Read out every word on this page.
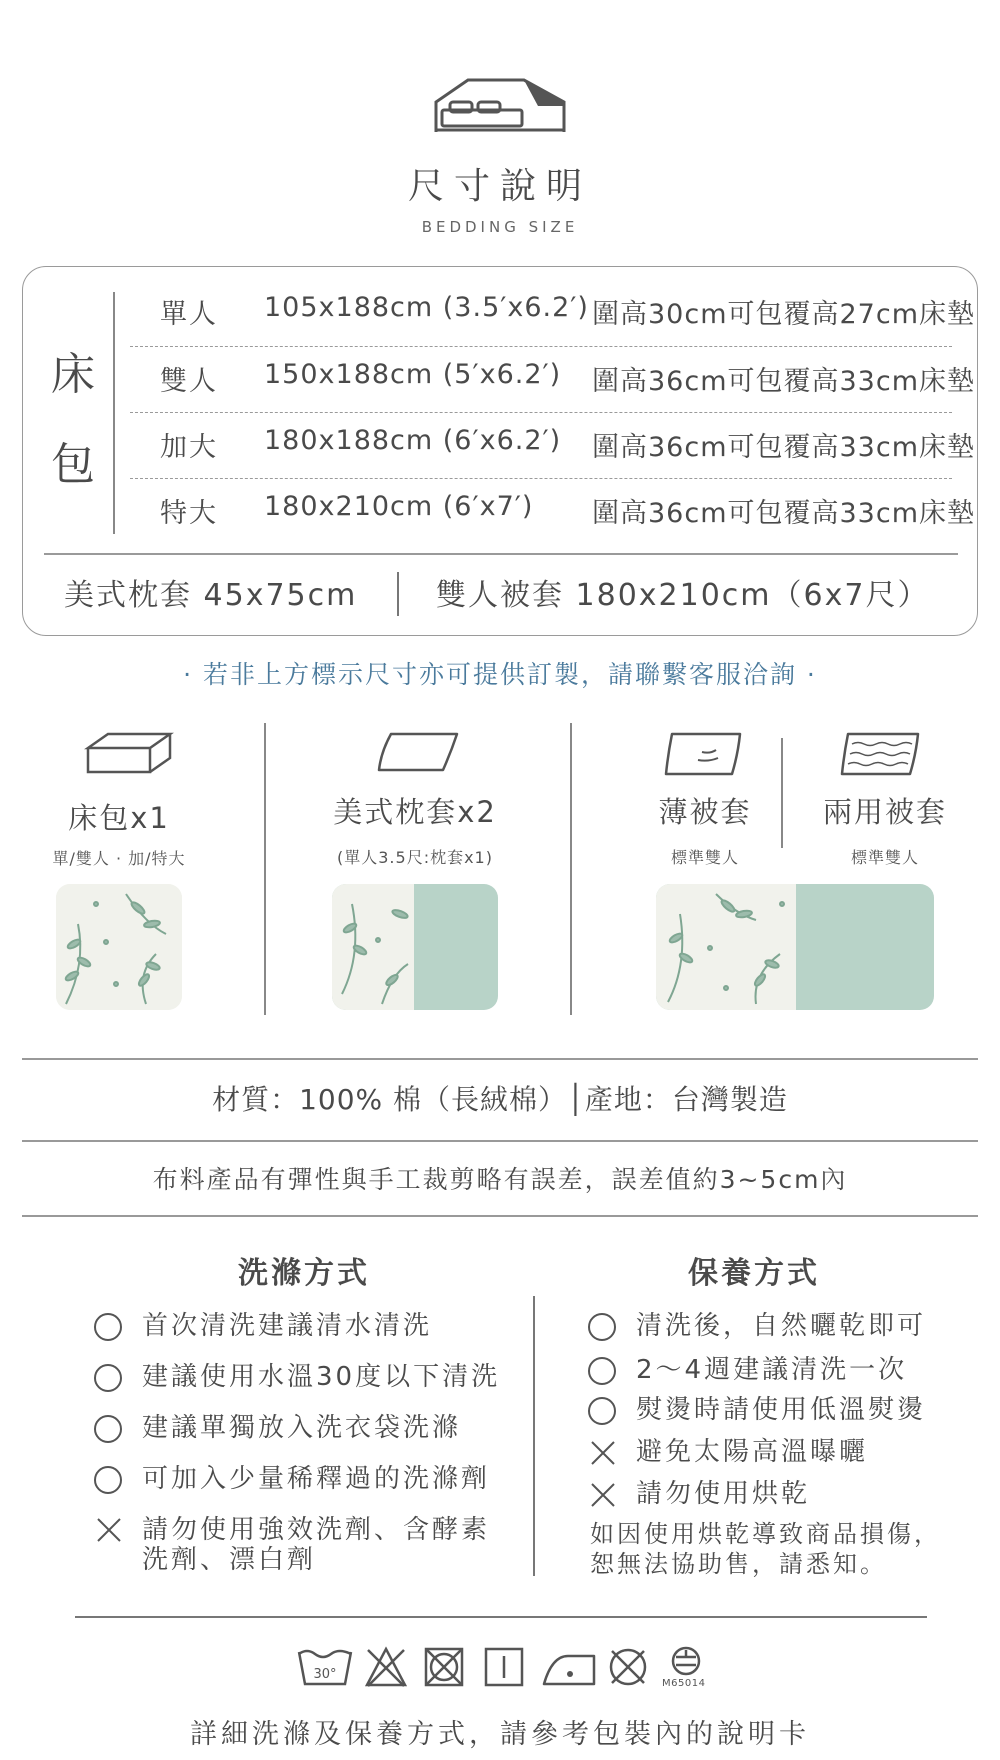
尺寸說明
BEDDING SIZE
床
包
單人 105x188cm (3.5′x6.2′) 圍高30cm可包覆高27cm床墊
雙人 150x188cm (5′x6.2′) 圍高36cm可包覆高33cm床墊
加大 180x188cm (6′x6.2′) 圍高36cm可包覆高33cm床墊
特大 180x210cm (6′x7′) 圍高36cm可包覆高33cm床墊
美式枕套 45x75cm	雙人被套 180x210cm（6x7尺）
· 若非上方標示尺寸亦可提供訂製，請聯繫客服洽詢 ·
床包x1
單/雙人 · 加/特大
美式枕套x2
(單人3.5尺:枕套x1)
薄被套
標準雙人
兩用被套
標準雙人
材質：100% 棉（長絨棉）│產地：台灣製造
布料產品有彈性與手工裁剪略有誤差，誤差值約3~5cm內
洗滌方式	保養方式
首次清洗建議清水清洗
建議使用水溫30度以下清洗
建議單獨放入洗衣袋洗滌
可加入少量稀釋過的洗滌劑
請勿使用強效洗劑、含酵素
洗劑、漂白劑
清洗後，自然曬乾即可
2～4週建議清洗一次
熨燙時請使用低溫熨燙
避免太陽高溫曝曬
請勿使用烘乾
如因使用烘乾導致商品損傷，
恕無法協助售，請悉知。
30°
M65014
詳細洗滌及保養方式，請參考包裝內的說明卡
